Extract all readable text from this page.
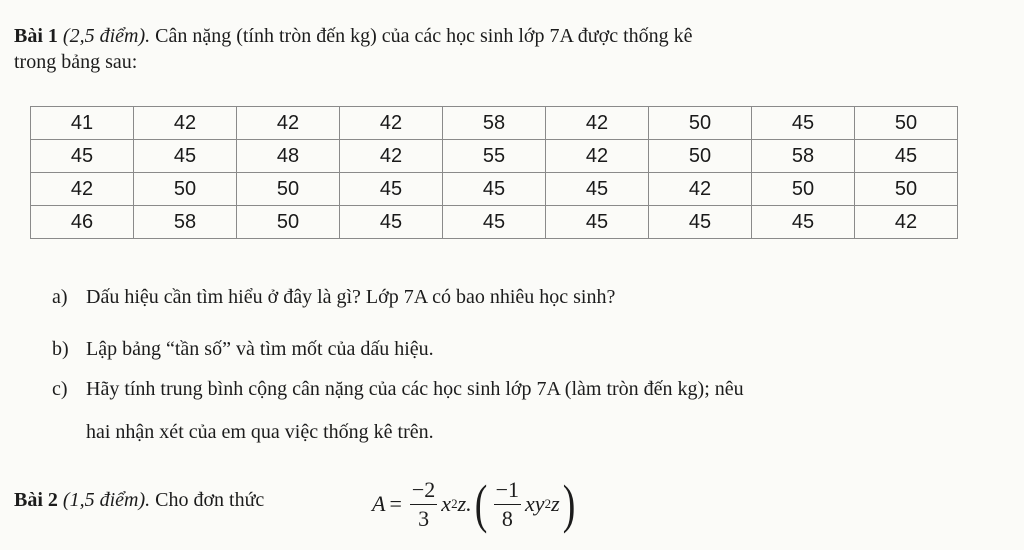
Bài 1 (2,5 điểm). Cân nặng (tính tròn đến kg) của các học sinh lớp 7A được thống kê
trong bảng sau:
41	42	42	42	58	42	50	45	50
45	45	48	42	55	42	50	58	45
42	50	50	45	45	45	42	50	50
46	58	50	45	45	45	45	45	42
a) Dấu hiệu cần tìm hiểu ở đây là gì? Lớp 7A có bao nhiêu học sinh?
b) Lập bảng “tần số” và tìm mốt của dấu hiệu.
c) Hãy tính trung bình cộng cân nặng của các học sinh lớp 7A (làm tròn đến kg); nêu
hai nhận xét của em qua việc thống kê trên.
Bài 2 (1,5 điểm). Cho đơn thức	$A = \frac{-2}{3}$ x 2 z. ( $\frac{-1}{8}$ x y 2 z )
